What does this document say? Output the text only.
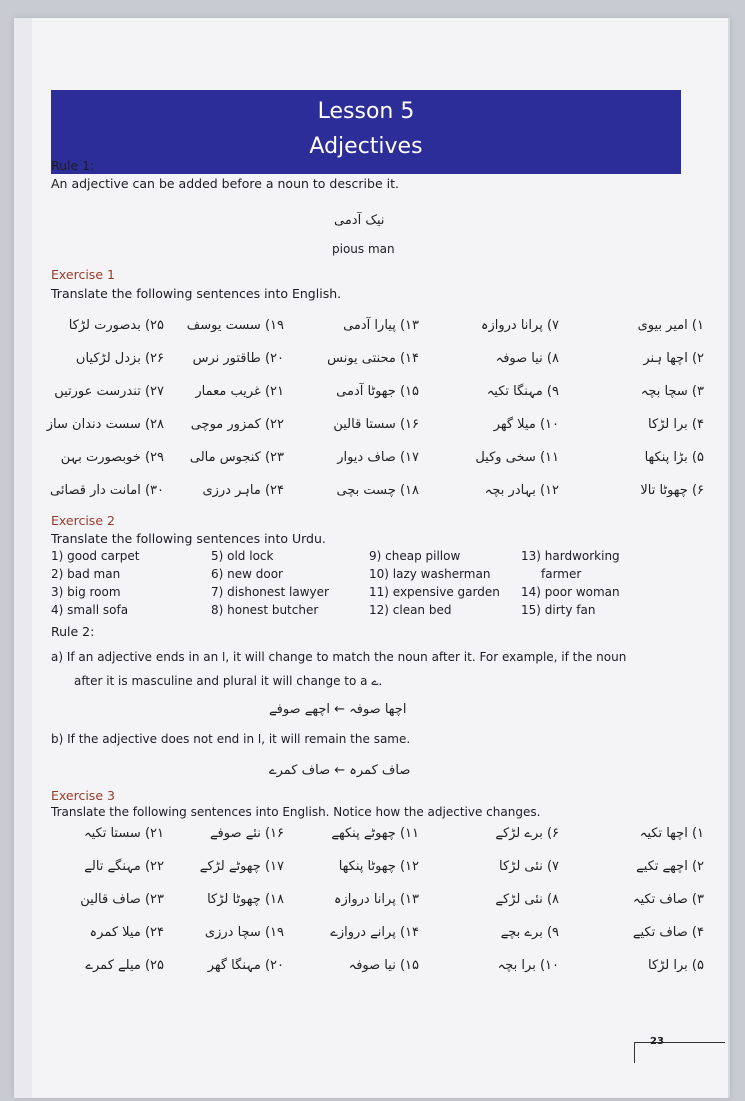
Lesson 5
Adjectives
Rule 1:
An adjective can be added before a noun to describe it.
نیک آدمی
pious man
Exercise 1
Translate the following sentences into English.
۱) امیر بیوی
۷) پرانا دروازہ
۱۳) پیارا آدمی
۱۹) سست یوسف
۲۵) بدصورت لڑکا
۲) اچھا ہنر
۸) نیا صوفہ
۱۴) محنتی یونس
۲۰) طاقتور نرس
۲۶) بزدل لڑکیاں
۳) سچا بچہ
۹) مہنگا تکیہ
۱۵) جھوٹا آدمی
۲۱) غریب معمار
۲۷) تندرست عورتیں
۴) برا لڑکا
۱۰) میلا گھر
۱۶) سستا قالین
۲۲) کمزور موچی
۲۸) سست دندان ساز
۵) بڑا پنکھا
۱۱) سخی وکیل
۱۷) صاف دیوار
۲۳) کنجوس مالی
۲۹) خوبصورت بہن
۶) چھوٹا تالا
۱۲) بہادر بچہ
۱۸) چست بچی
۲۴) ماہر درزی
۳۰) امانت دار قصائی
Exercise 2
Translate the following sentences into Urdu.
1) good carpet
2) bad man
3) big room
4) small sofa
5) old lock
6) new door
7) dishonest lawyer
8) honest butcher
9) cheap pillow
10) lazy washerman
11) expensive garden
12) clean bed
13) hardworking
farmer
14) poor woman
15) dirty fan
Rule 2:
a) If an adjective ends in an ا, it will change to match the noun after it. For example, if the noun
after it is masculine and plural it will change to a ے.
اچھا صوفہ ← اچھے صوفے
b) If the adjective does not end in ا, it will remain the same.
صاف کمرہ ← صاف کمرے
Exercise 3
Translate the following sentences into English. Notice how the adjective changes.
۱) اچھا تکیہ
۶) برے لڑکے
۱۱) چھوٹے پنکھے
۱۶) نئے صوفے
۲۱) سستا تکیہ
۲) اچھے تکیے
۷) نئی لڑکا
۱۲) چھوٹا پنکھا
۱۷) چھوٹے لڑکے
۲۲) مہنگے تالے
۳) صاف تکیہ
۸) نئی لڑکے
۱۳) پرانا دروازہ
۱۸) چھوٹا لڑکا
۲۳) صاف قالین
۴) صاف تکیے
۹) برے بچے
۱۴) پرانے دروازے
۱۹) سچا درزی
۲۴) میلا کمرہ
۵) برا لڑکا
۱۰) برا بچہ
۱۵) نیا صوفہ
۲۰) مہنگا گھر
۲۵) میلے کمرے
23
